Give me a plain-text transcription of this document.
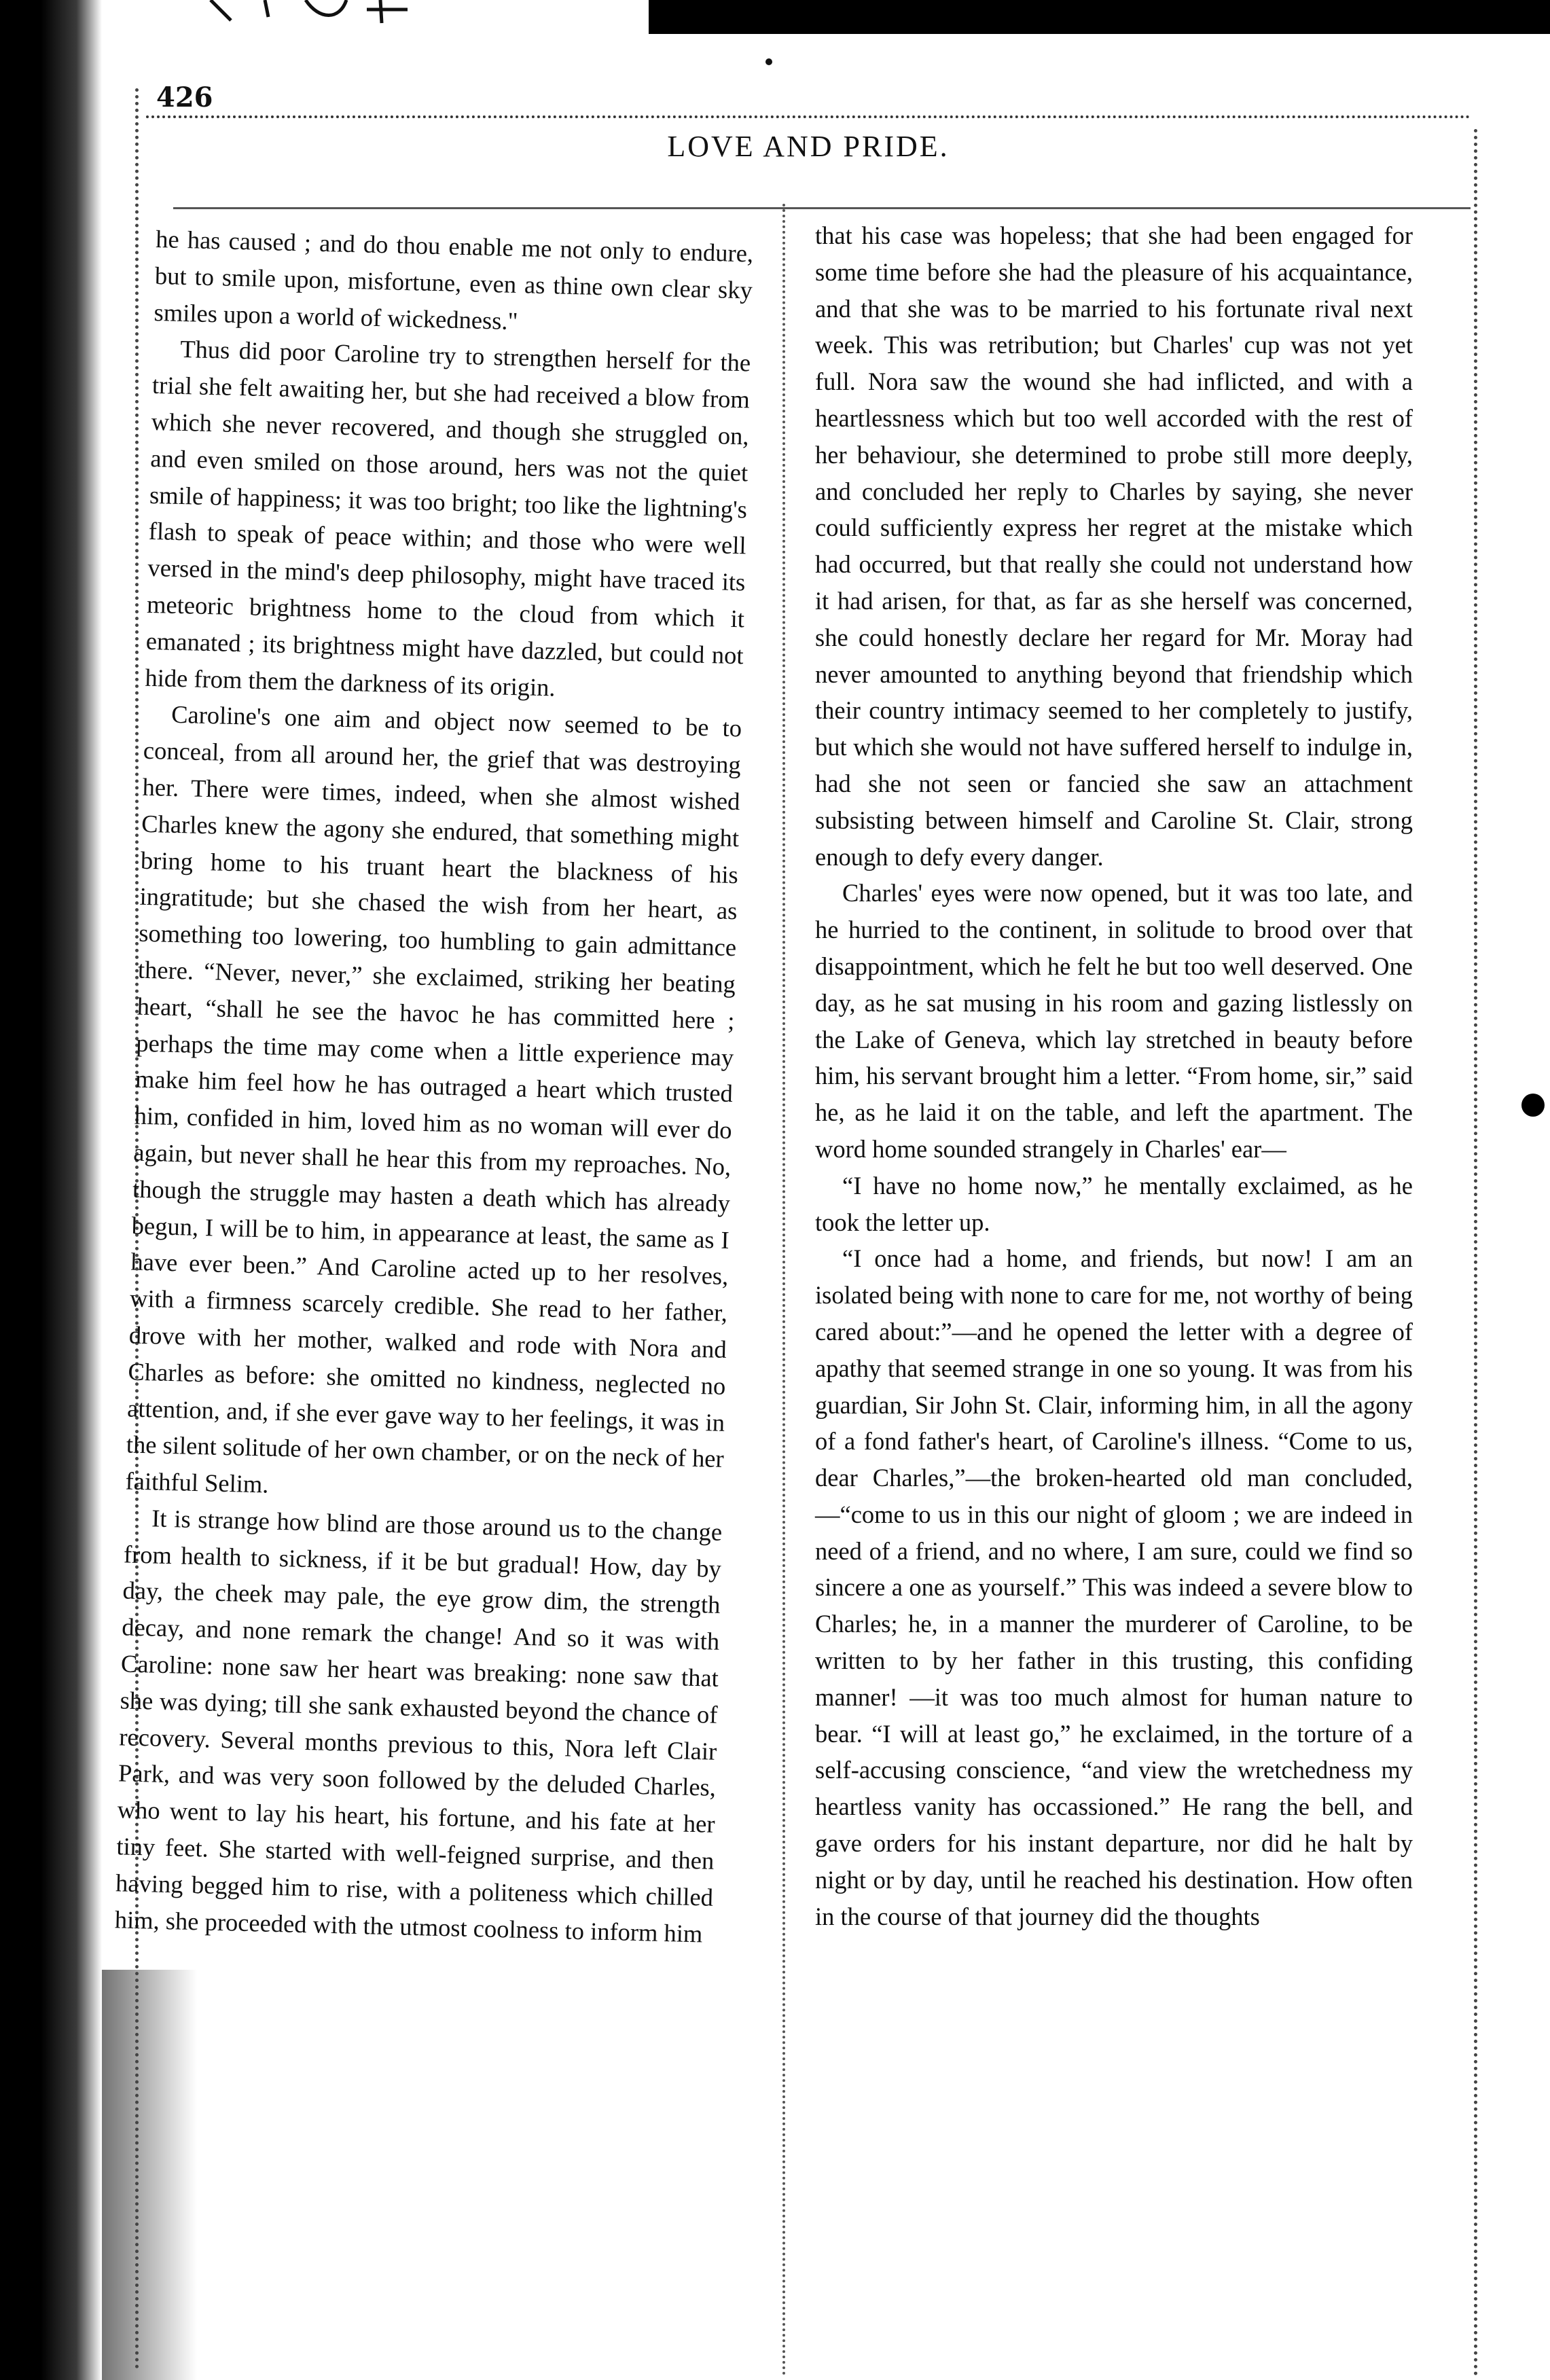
426
LOVE AND PRIDE.

he has caused ; and do thou enable me not only to endure, but to smile upon, misfortune, even as thine own clear sky smiles upon a world of wickedness."

Thus did poor Caroline try to strengthen herself for the trial she felt awaiting her, but she had received a blow from which she never recovered, and though she struggled on, and even smiled on those around, hers was not the quiet smile of happiness; it was too bright; too like the lightning's flash to speak of peace within; and those who were well versed in the mind's deep philosophy, might have traced its meteoric brightness home to the cloud from which it emanated ; its brightness might have dazzled, but could not hide from them the darkness of its origin.

Caroline's one aim and object now seemed to be to conceal, from all around her, the grief that was destroying her. There were times, indeed, when she almost wished Charles knew the agony she endured, that something might bring home to his truant heart the blackness of his ingratitude; but she chased the wish from her heart, as something too lowering, too humbling to gain admittance there. “Never, never,” she exclaimed, striking her beating heart, “shall he see the havoc he has committed here ; perhaps the time may come when a little experience may make him feel how he has outraged a heart which trusted him, confided in him, loved him as no woman will ever do again, but never shall he hear this from my reproaches. No, though the struggle may hasten a death which has already begun, I will be to him, in appearance at least, the same as I have ever been.” And Caroline acted up to her resolves, with a firmness scarcely credible. She read to her father, drove with her mother, walked and rode with Nora and Charles as before: she omitted no kindness, neglected no attention, and, if she ever gave way to her feelings, it was in the silent solitude of her own chamber, or on the neck of her faithful Selim.

It is strange how blind are those around us to the change from health to sickness, if it be but gradual! How, day by day, the cheek may pale, the eye grow dim, the strength decay, and none remark the change! And so it was with Caroline: none saw her heart was breaking: none saw that she was dying; till she sank exhausted beyond the chance of recovery. Several months previous to this, Nora left Clair Park, and was very soon followed by the deluded Charles, who went to lay his heart, his fortune, and his fate at her tiny feet. She started with well-feigned surprise, and then having begged him to rise, with a politeness which chilled him, she proceeded with the utmost coolness to inform him

that his case was hopeless; that she had been engaged for some time before she had the pleasure of his acquaintance, and that she was to be married to his fortunate rival next week. This was retribution; but Charles' cup was not yet full. Nora saw the wound she had inflicted, and with a heartlessness which but too well accorded with the rest of her behaviour, she determined to probe still more deeply, and concluded her reply to Charles by saying, she never could sufficiently express her regret at the mistake which had occurred, but that really she could not understand how it had arisen, for that, as far as she herself was concerned, she could honestly declare her regard for Mr. Moray had never amounted to anything beyond that friendship which their country intimacy seemed to her completely to justify, but which she would not have suffered herself to indulge in, had she not seen or fancied she saw an attachment subsisting between himself and Caroline St. Clair, strong enough to defy every danger.

Charles' eyes were now opened, but it was too late, and he hurried to the continent, in solitude to brood over that disappointment, which he felt he but too well deserved. One day, as he sat musing in his room and gazing listlessly on the Lake of Geneva, which lay stretched in beauty before him, his servant brought him a letter. “From home, sir,” said he, as he laid it on the table, and left the apartment. The word home sounded strangely in Charles' ear—

“I have no home now,” he mentally exclaimed, as he took the letter up.

“I once had a home, and friends, but now! I am an isolated being with none to care for me, not worthy of being cared about:”—and he opened the letter with a degree of apathy that seemed strange in one so young. It was from his guardian, Sir John St. Clair, informing him, in all the agony of a fond father's heart, of Caroline's illness. “Come to us, dear Charles,”—the broken-hearted old man concluded,—“come to us in this our night of gloom ; we are indeed in need of a friend, and no where, I am sure, could we find so sincere a one as yourself.” This was indeed a severe blow to Charles; he, in a manner the murderer of Caroline, to be written to by her father in this trusting, this confiding manner! —it was too much almost for human nature to bear. “I will at least go,” he exclaimed, in the torture of a self-accusing conscience, “and view the wretchedness my heartless vanity has occassioned.” He rang the bell, and gave orders for his instant departure, nor did he halt by night or by day, until he reached his destination. How often in the course of that journey did the thoughts
